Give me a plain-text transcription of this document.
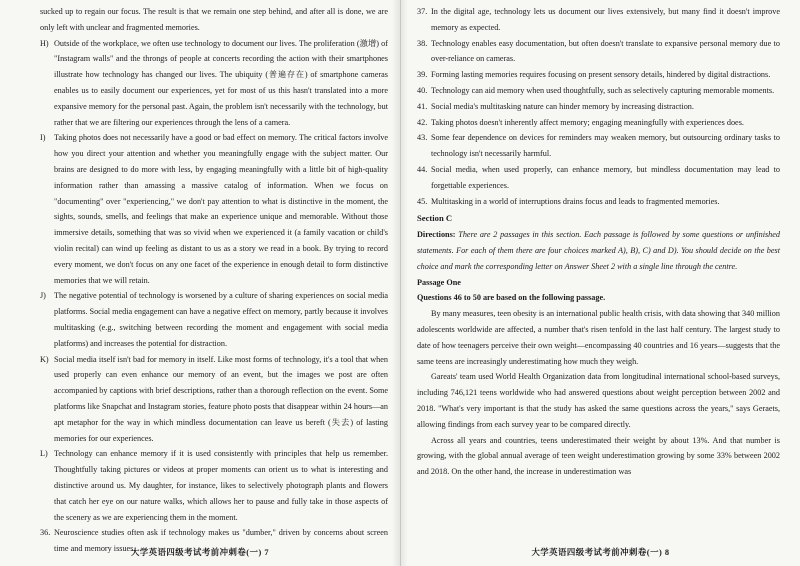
sucked up to regain our focus. The result is that we remain one step behind, and after all is done, we are only left with unclear and fragmented memories.

H) Outside of the workplace, we often use technology to document our lives. The proliferation (激增) of "Instagram walls" and the throngs of people at concerts recording the action with their smartphones illustrate how technology has changed our lives. The ubiquity (普遍存在) of smartphone cameras enables us to easily document our experiences, yet for most of us this hasn't translated into a more expansive memory for the personal past. Again, the problem isn't necessarily with the technology, but rather that we are filtering our experiences through the lens of a camera.

I) Taking photos does not necessarily have a good or bad effect on memory. The critical factors involve how you direct your attention and whether you meaningfully engage with the subject matter. Our brains are designed to do more with less, by engaging meaningfully with a little bit of high-quality information rather than amassing a massive catalog of information. When we focus on "documenting" over "experiencing," we don't pay attention to what is distinctive in the moment, the sights, sounds, smells, and feelings that make an experience unique and memorable. Without those immersive details, something that was so vivid when we experienced it (a family vacation or child's violin recital) can wind up feeling as distant to us as a story we read in a book. By trying to record every moment, we don't focus on any one facet of the experience in enough detail to form distinctive memories that we will retain.

J) The negative potential of technology is worsened by a culture of sharing experiences on social media platforms. Social media engagement can have a negative effect on memory, partly because it involves multitasking (e.g., switching between recording the moment and engagement with social media platforms) and increases the potential for distraction.

K) Social media itself isn't bad for memory in itself. Like most forms of technology, it's a tool that when used properly can even enhance our memory of an event, but the images we post are often accompanied by captions with brief descriptions, rather than a thorough reflection on the event. Some platforms like Snapchat and Instagram stories, feature photo posts that disappear within 24 hours—an apt metaphor for the way in which mindless documentation can leave us bereft (失去) of lasting memories for our experiences.

L) Technology can enhance memory if it is used consistently with principles that help us remember. Thoughtfully taking pictures or videos at proper moments can orient us to what is interesting and distinctive around us. My daughter, for instance, likes to selectively photograph plants and flowers that catch her eye on our nature walks, which allows her to pause and fully take in those aspects of the scenery as we are experiencing them in the moment.

36. Neuroscience studies often ask if technology makes us "dumber," driven by concerns about screen time and memory issues.

大学英语四级考试考前冲刺卷(一) 7

37. In the digital age, technology lets us document our lives extensively, but many find it doesn't improve memory as expected.

38. Technology enables easy documentation, but often doesn't translate to expansive personal memory due to over-reliance on cameras.

39. Forming lasting memories requires focusing on present sensory details, hindered by digital distractions.

40. Technology can aid memory when used thoughtfully, such as selectively capturing memorable moments.

41. Social media's multitasking nature can hinder memory by increasing distraction.

42. Taking photos doesn't inherently affect memory; engaging meaningfully with experiences does.

43. Some fear dependence on devices for reminders may weaken memory, but outsourcing ordinary tasks to technology isn't necessarily harmful.

44. Social media, when used properly, can enhance memory, but mindless documentation may lead to forgettable experiences.

45. Multitasking in a world of interruptions drains focus and leads to fragmented memories.

Section C

Directions: There are 2 passages in this section. Each passage is followed by some questions or unfinished statements. For each of them there are four choices marked A), B), C) and D). You should decide on the best choice and mark the corresponding letter on Answer Sheet 2 with a single line through the centre.

Passage One

Questions 46 to 50 are based on the following passage.

By many measures, teen obesity is an international public health crisis, with data showing that 340 million adolescents worldwide are affected, a number that's risen tenfold in the last half century. The largest study to date of how teenagers perceive their own weight—encompassing 40 countries and 16 years—suggests that the same teens are increasingly underestimating how much they weigh.

Gareats' team used World Health Organization data from longitudinal international school-based surveys, including 746,121 teens worldwide who had answered questions about weight perception between 2002 and 2018. "What's very important is that the study has asked the same questions across the years," says Geraets, allowing findings from each survey year to be compared directly.

Across all years and countries, teens underestimated their weight by about 13%. And that number is growing, with the global annual average of teen weight underestimation growing by some 33% between 2002 and 2018. On the other hand, the increase in underestimation was

大学英语四级考试考前冲刺卷(一) 8
